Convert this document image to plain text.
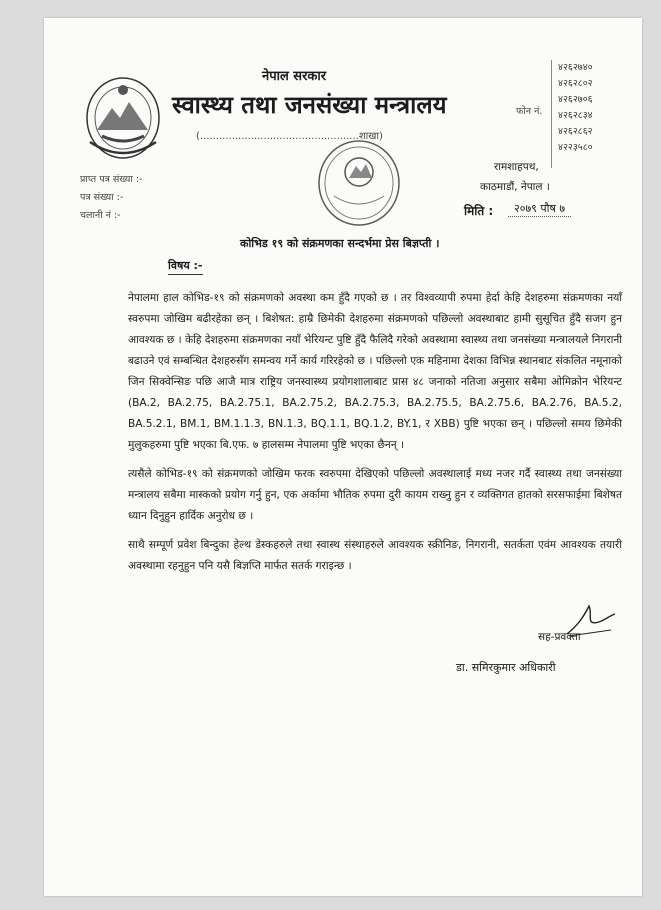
नेपाल सरकार
स्वास्थ्य तथा जनसंख्या मन्त्रालय
(..................................................शाखा)
फोन नं.
४२६२७४०
४२६२८०२
४२६२७०६
४२६२८३४
४२६२८६२
४२२३५८०
रामशाहपथ,
काठमाडौं, नेपाल ।
प्राप्त पत्र संख्या :-
पत्र संख्या :-
चलानी नं :-	मिति :	२०७९ पौष ७
कोभिड १९ को संक्रमणका सन्दर्भमा प्रेस बिज्ञप्ती ।
विषय :-

नेपालमा हाल कोभिड-१९ को संक्रमणको अवस्था कम हुँदै गएको छ । तर विश्वव्यापी रुपमा हेर्दा केहि देशहरुमा संक्रमणका नयाँ स्वरुपमा जोखिम बढीरहेका छन् । बिशेषत: हाम्रै छिमेकी देशहरुमा संक्रमणको पछिल्लो अवस्थाबाट हामी सुसूचित हुँदै सजग हुन आवश्यक छ । केहि देशहरुमा संक्रमणका नयाँ भेरियन्ट पुष्टि हुँदै फैलिदै गरेको अवस्थामा स्वास्थ्य तथा जनसंख्या मन्त्रालयले निगरानी बढाउने एवं सम्बन्धित देशहरुसँग समन्वय गर्ने कार्य गरिरहेको छ । पछिल्लो एक महिनामा देशका विभिन्न स्थानबाट संकलित नमूनाको जिन सिक्वेन्सिङ पछि आजै मात्र राष्ट्रिय जनस्वास्थ्य प्रयोगशालाबाट प्रास ४८ जनाको नतिजा अनुसार सबैमा ओमिक्रोन भेरियन्ट (BA.2, BA.2.75, BA.2.75.1, BA.2.75.2, BA.2.75.3, BA.2.75.5, BA.2.75.6, BA.2.76, BA.5.2, BA.5.2.1, BM.1, BM.1.1.3, BN.1.3, BQ.1.1, BQ.1.2, BY.1, र XBB) पुष्टि भएका छन् । पछिल्लो समय छिमेकी मुलुकहरुमा पुष्टि भएका बि.एफ. ७ हालसम्म नेपालमा पुष्टि भएका छैनन् ।

त्यसैले कोभिड-१९ को संक्रमणको जोखिम फरक स्वरुपमा देखिएको पछिल्लो अवस्थालाई मध्य नजर गर्दै स्वास्थ्य तथा जनसंख्या मन्त्रालय सबैमा मास्कको प्रयोग गर्नु हुन, एक अर्कामा भौतिक रुपमा दुरी कायम राख्नु हुन र व्यक्तिगत हातको सरसफाईमा बिशेषत ध्यान दिनुहुन हार्दिक अनुरोध छ ।

साथै सम्पूर्ण प्रवेश बिन्दुका हेल्थ डेस्कहरुले तथा स्वास्थ संस्थाहरुले आवश्यक स्क्रीनिङ, निगरानी, सतर्कता एवंम आवश्यक तयारी अवस्थामा रहनुहुन पनि यसै बिज्ञप्ति मार्फत सतर्क गराइन्छ ।

सह-प्रवक्ता
डा. समिरकुमार अधिकारी
